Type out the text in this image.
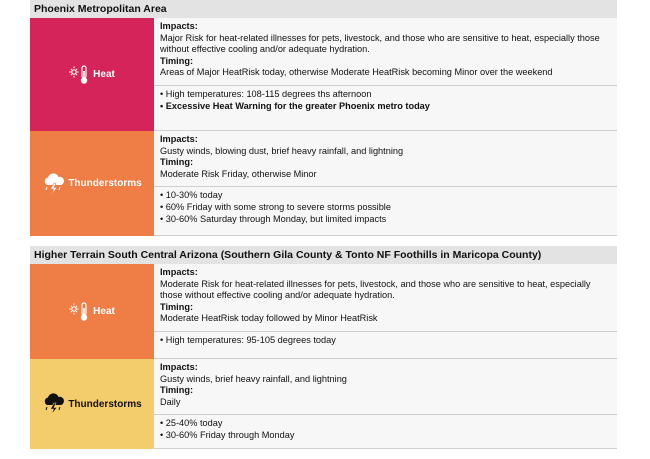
Phoenix Metropolitan Area
Heat
Impacts:
Major Risk for heat-related illnesses for pets, livestock, and those who are sensitive to heat, especially those without effective cooling and/or adequate hydration.
Timing:
Areas of Major HeatRisk today, otherwise Moderate HeatRisk becoming Minor over the weekend
• High temperatures: 108-115 degrees ths afternoon
• Excessive Heat Warning for the greater Phoenix metro today
Thunderstorms
Impacts:
Gusty winds, blowing dust, brief heavy rainfall, and lightning
Timing:
Moderate Risk Friday, otherwise Minor
• 10-30% today
• 60% Friday with some strong to severe storms possible
• 30-60% Saturday through Monday, but limited impacts
Higher Terrain South Central Arizona (Southern Gila County & Tonto NF Foothills in Maricopa County)
Heat
Impacts:
Moderate Risk for heat-related illnesses for pets, livestock, and those who are sensitive to heat, especially those without effective cooling and/or adequate hydration.
Timing:
Moderate HeatRisk today followed by Minor HeatRisk
• High temperatures: 95-105 degrees today
Thunderstorms
Impacts:
Gusty winds, brief heavy rainfall, and lightning
Timing:
Daily
• 25-40% today
• 30-60% Friday through Monday
